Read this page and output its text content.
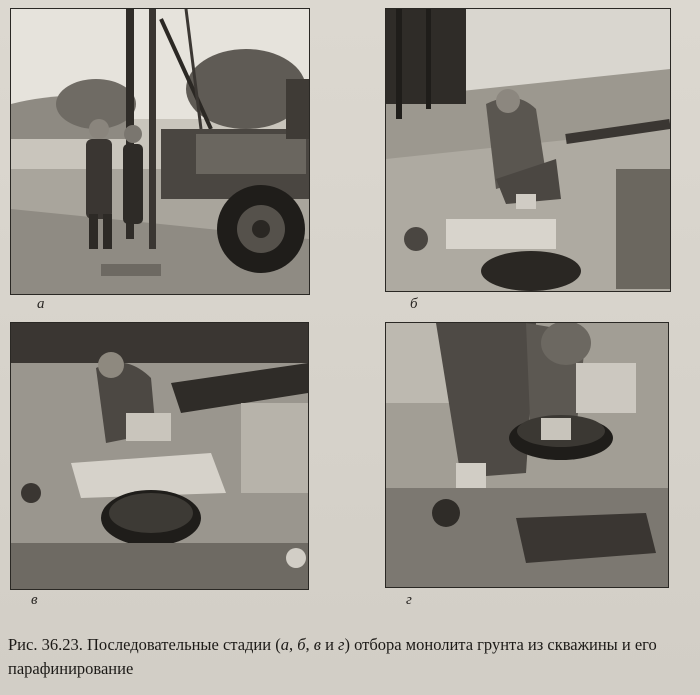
а	б
в	г
Рис. 36.23. Последовательные стадии (а, б, в и г) отбора монолита грунта из скважины и его парафинирование
